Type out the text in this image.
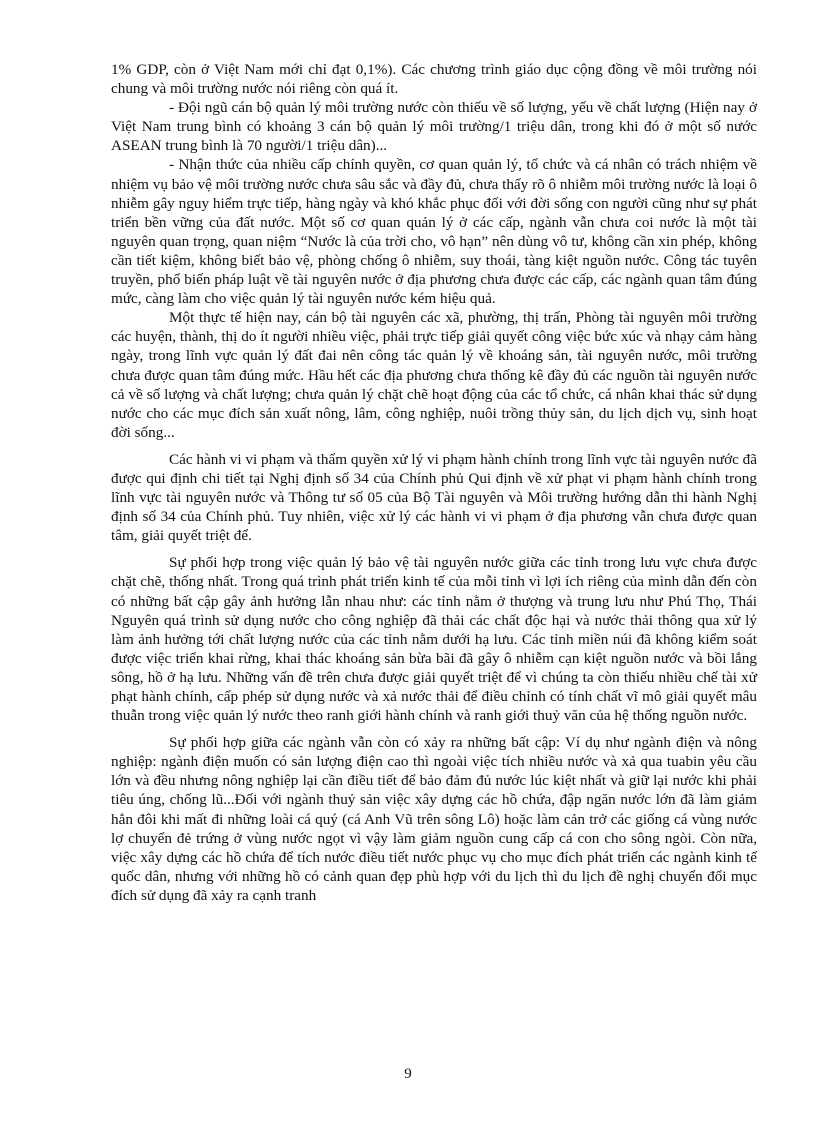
1% GDP, còn ở Việt Nam mới chỉ đạt 0,1%). Các chương trình giáo dục cộng đồng về môi trường nói chung và môi trường nước nói riêng còn quá ít.

- Đội ngũ cán bộ quản lý môi trường nước còn thiếu về số lượng, yếu về chất lượng (Hiện nay ở Việt Nam trung bình có khoảng 3 cán bộ quản lý môi trường/1 triệu dân, trong khi đó ở một số nước ASEAN trung bình là 70 người/1 triệu dân)...

- Nhận thức của nhiều cấp chính quyền, cơ quan quản lý, tổ chức và cá nhân có trách nhiệm về nhiệm vụ bảo vệ môi trường nước chưa sâu sắc và đầy đủ, chưa thấy rõ ô nhiễm môi trường nước là loại ô nhiễm gây nguy hiểm trực tiếp, hàng ngày và khó khắc phục đối với đời sống con người cũng như sự phát triển bền vững của đất nước. Một số cơ quan quản lý ở các cấp, ngành vẫn chưa coi nước là một tài nguyên quan trọng, quan niệm “Nước là của trời cho, vô hạn” nên dùng vô tư, không cần xin phép, không cần tiết kiệm, không biết bảo vệ, phòng chống ô nhiễm, suy thoái, tàng kiệt nguồn nước. Công tác tuyên truyền, phổ biến pháp luật về tài nguyên nước ở địa phương chưa được các cấp, các ngành quan tâm đúng mức, càng làm cho việc quản lý tài nguyên nước kém hiệu quả.

Một thực tế hiện nay, cán bộ tài nguyên các xã, phường, thị trấn, Phòng tài nguyên môi trường các huyện, thành, thị do ít người nhiều việc, phải trực tiếp giải quyết công việc bức xúc và nhạy cảm hàng ngày, trong lĩnh vực quản lý đất đai nên công tác quản lý về khoáng sản, tài nguyên nước, môi trường chưa được quan tâm đúng mức. Hầu hết các địa phương chưa thống kê đầy đủ các nguồn tài nguyên nước cả về số lượng và chất lượng; chưa quản lý chặt chẽ hoạt động của các tổ chức, cá nhân khai thác sử dụng nước cho các mục đích sản xuất nông, lâm, công nghiệp, nuôi trồng thủy sản, du lịch dịch vụ, sinh hoạt đời sống...

Các hành vi vi phạm và thẩm quyền xử lý vi phạm hành chính trong lĩnh vực tài nguyên nước đã được qui định chi tiết tại Nghị định số 34 của Chính phủ Qui định về xử phạt vi phạm hành chính trong lĩnh vực tài nguyên nước và Thông tư số 05 của Bộ Tài nguyên và Môi trường hướng dẫn thi hành Nghị định số 34 của Chính phủ. Tuy nhiên, việc xử lý các hành vi vi phạm ở địa phương vẫn chưa được quan tâm, giải quyết triệt để.

Sự phối hợp trong việc quản lý bảo vệ tài nguyên nước giữa các tỉnh trong lưu vực chưa được chặt chẽ, thống nhất. Trong quá trình phát triển kinh tế của mỗi tỉnh vì lợi ích riêng của mình dẫn đến còn có những bất cập gây ảnh hưởng lẫn nhau như: các tỉnh nằm ở thượng và trung lưu như Phú Thọ, Thái Nguyên quá trình sử dụng nước cho công nghiệp đã thải các chất độc hại và nước thải thông qua xử lý làm ảnh hưởng tới chất lượng nước của các tỉnh nằm dưới hạ lưu. Các tỉnh miền núi đã không kiểm soát được việc triển khai rừng, khai thác khoáng sản bừa bãi đã gây ô nhiễm cạn kiệt nguồn nước và bồi lắng sông, hồ ở hạ lưu. Những vấn đề trên chưa được giải quyết triệt để vì chúng ta còn thiếu nhiều chế tài xử phạt hành chính, cấp phép sử dụng nước và xả nước thải để điều chỉnh có tính chất vĩ mô giải quyết mâu thuẫn trong việc quản lý nước theo ranh giới hành chính và ranh giới thuỷ văn của hệ thống nguồn nước.

Sự phối hợp giữa các ngành vẫn còn có xảy ra những bất cập: Ví dụ như ngành điện và nông nghiệp: ngành điện muốn có sản lượng điện cao thì ngoài việc tích nhiều nước và xả qua tuabin yêu cầu lớn và đều nhưng nông nghiệp lại cần điều tiết để bảo đảm đủ nước lúc kiệt nhất và giữ lại nước khi phải tiêu úng, chống lũ...Đối với ngành thuỷ sản việc xây dựng các hồ chứa, đập ngăn nước lớn đã làm giảm hẳn đôi khi mất đi những loài cá quý (cá Anh Vũ trên sông Lô) hoặc làm cản trở các giống cá vùng nước lợ chuyển đẻ trứng ở vùng nước ngọt vì vậy làm giảm nguồn cung cấp cá con cho sông ngòi. Còn nữa, việc xây dựng các hồ chứa để tích nước điều tiết nước phục vụ cho mục đích phát triển các ngành kinh tế quốc dân, nhưng với những hồ có cảnh quan đẹp phù hợp với du lịch thì du lịch đề nghị chuyển đổi mục đích sử dụng đã xảy ra cạnh tranh

9
